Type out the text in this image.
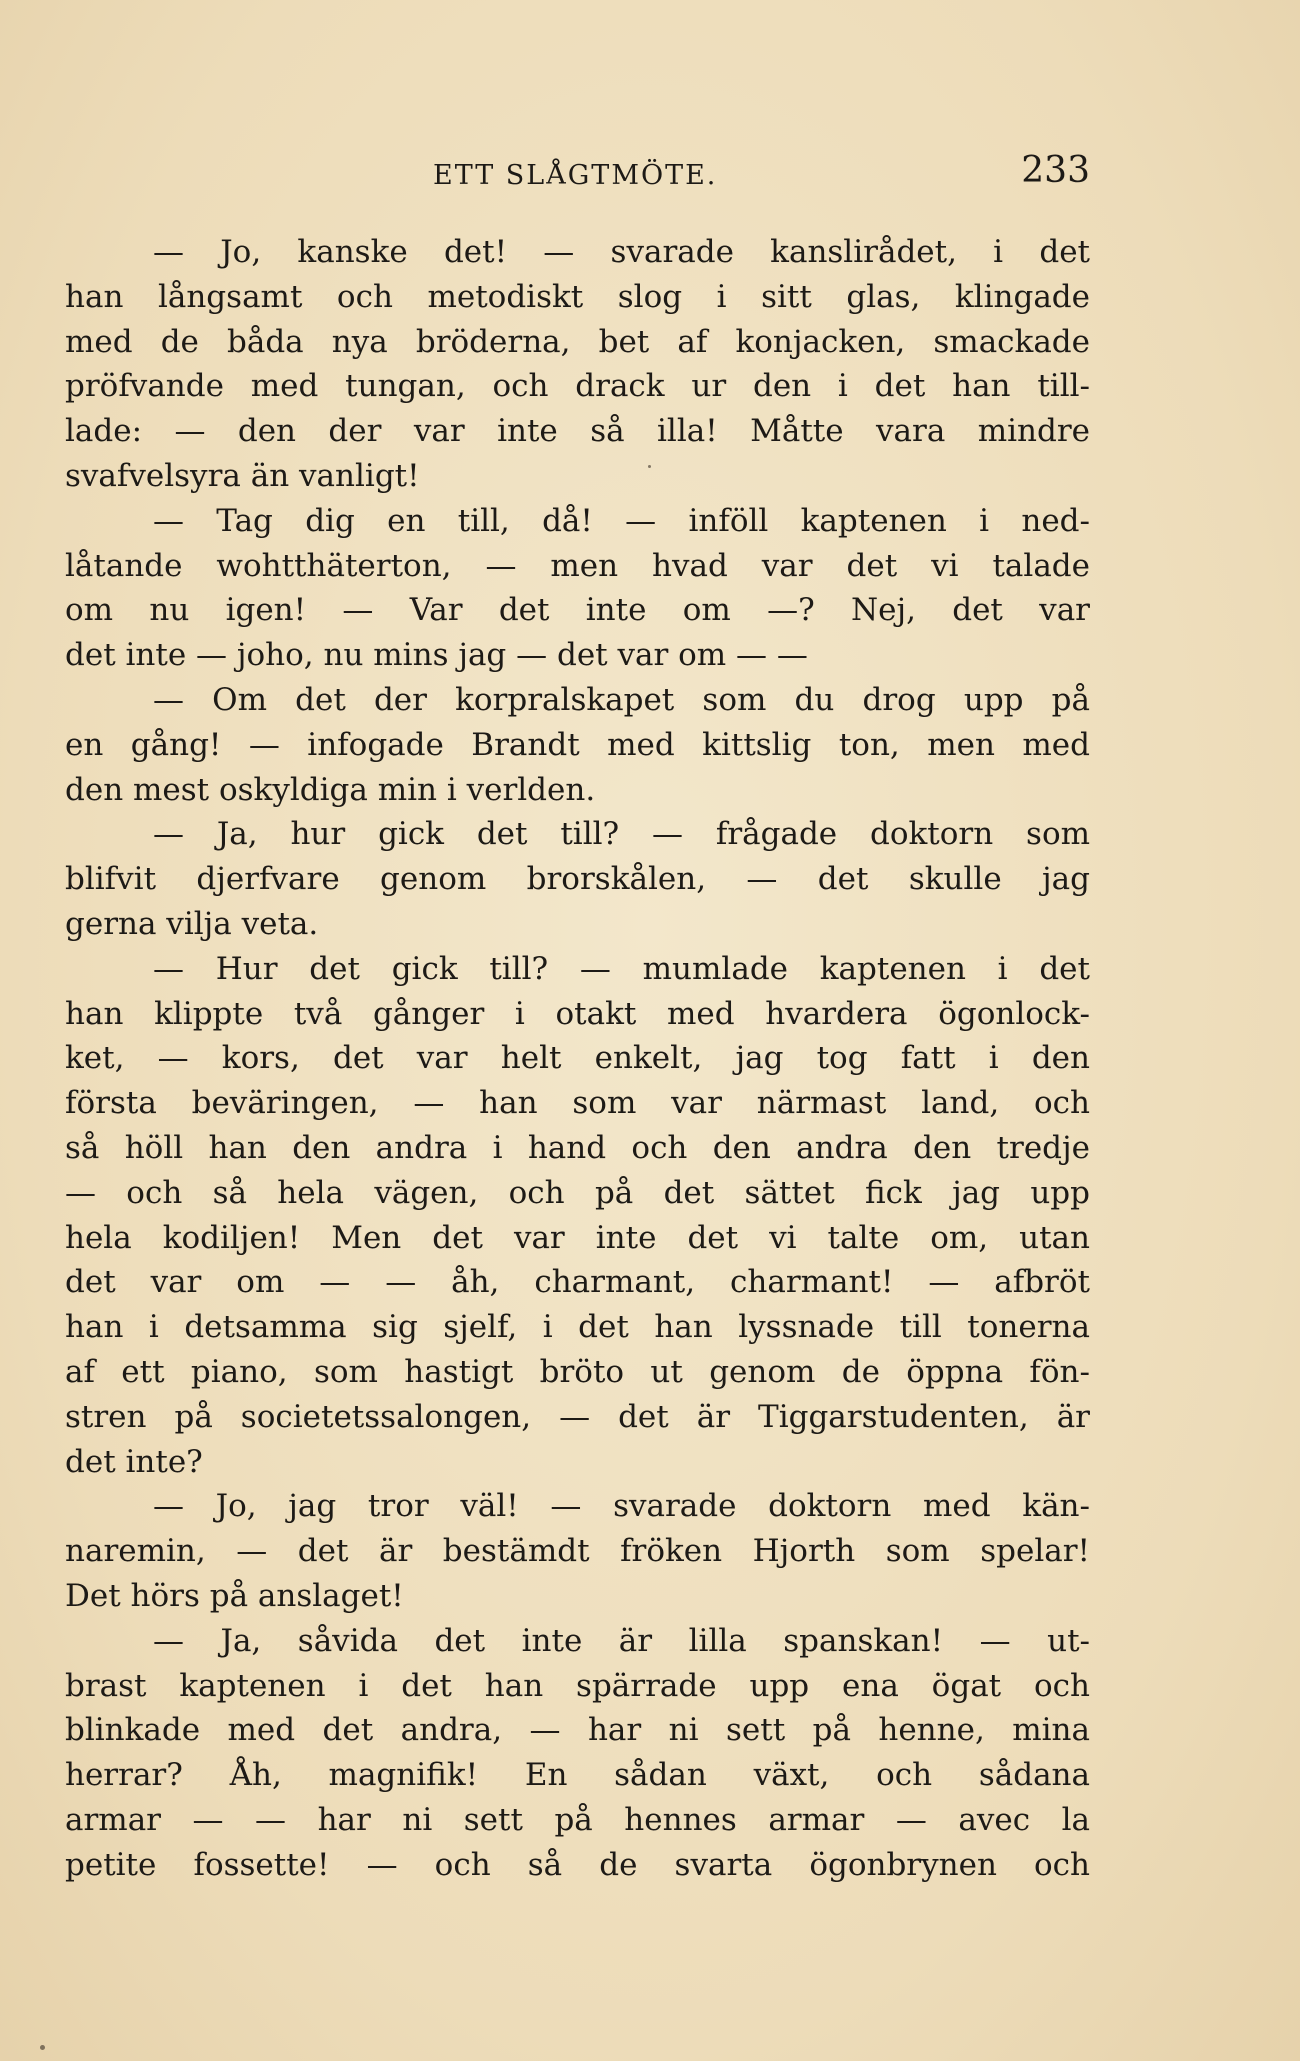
ETT SLÅGTMÖTE.	233
— Jo, kanske det! — svarade kanslirådet, i det
han långsamt och metodiskt slog i sitt glas, klingade
med de båda nya bröderna, bet af konjacken, smackade
pröfvande med tungan, och drack ur den i det han till-
lade: — den der var inte så illa! Måtte vara mindre
svafvelsyra än vanligt!
— Tag dig en till, då! — inföll kaptenen i ned-
låtande wohtthäterton, — men hvad var det vi talade
om nu igen! — Var det inte om —? Nej, det var
det inte — joho, nu mins jag — det var om — —
— Om det der korpralskapet som du drog upp på
en gång! — infogade Brandt med kittslig ton, men med
den mest oskyldiga min i verlden.
— Ja, hur gick det till? — frågade doktorn som
blifvit djerfvare genom brorskålen, — det skulle jag
gerna vilja veta.
— Hur det gick till? — mumlade kaptenen i det
han klippte två gånger i otakt med hvardera ögonlock-
ket, — kors, det var helt enkelt, jag tog fatt i den
första beväringen, — han som var närmast land, och
så höll han den andra i hand och den andra den tredje
— och så hela vägen, och på det sättet fick jag upp
hela kodiljen! Men det var inte det vi talte om, utan
det var om — — åh, charmant, charmant! — afbröt
han i detsamma sig sjelf, i det han lyssnade till tonerna
af ett piano, som hastigt bröto ut genom de öppna fön-
stren på societetssalongen, — det är Tiggarstudenten, är
det inte?
— Jo, jag tror väl! — svarade doktorn med kän-
naremin, — det är bestämdt fröken Hjorth som spelar!
Det hörs på anslaget!
— Ja, såvida det inte är lilla spanskan! — ut-
brast kaptenen i det han spärrade upp ena ögat och
blinkade med det andra, — har ni sett på henne, mina
herrar? Åh, magnifik! En sådan växt, och sådana
armar — — har ni sett på hennes armar — avec la
petite fossette! — och så de svarta ögonbrynen och
